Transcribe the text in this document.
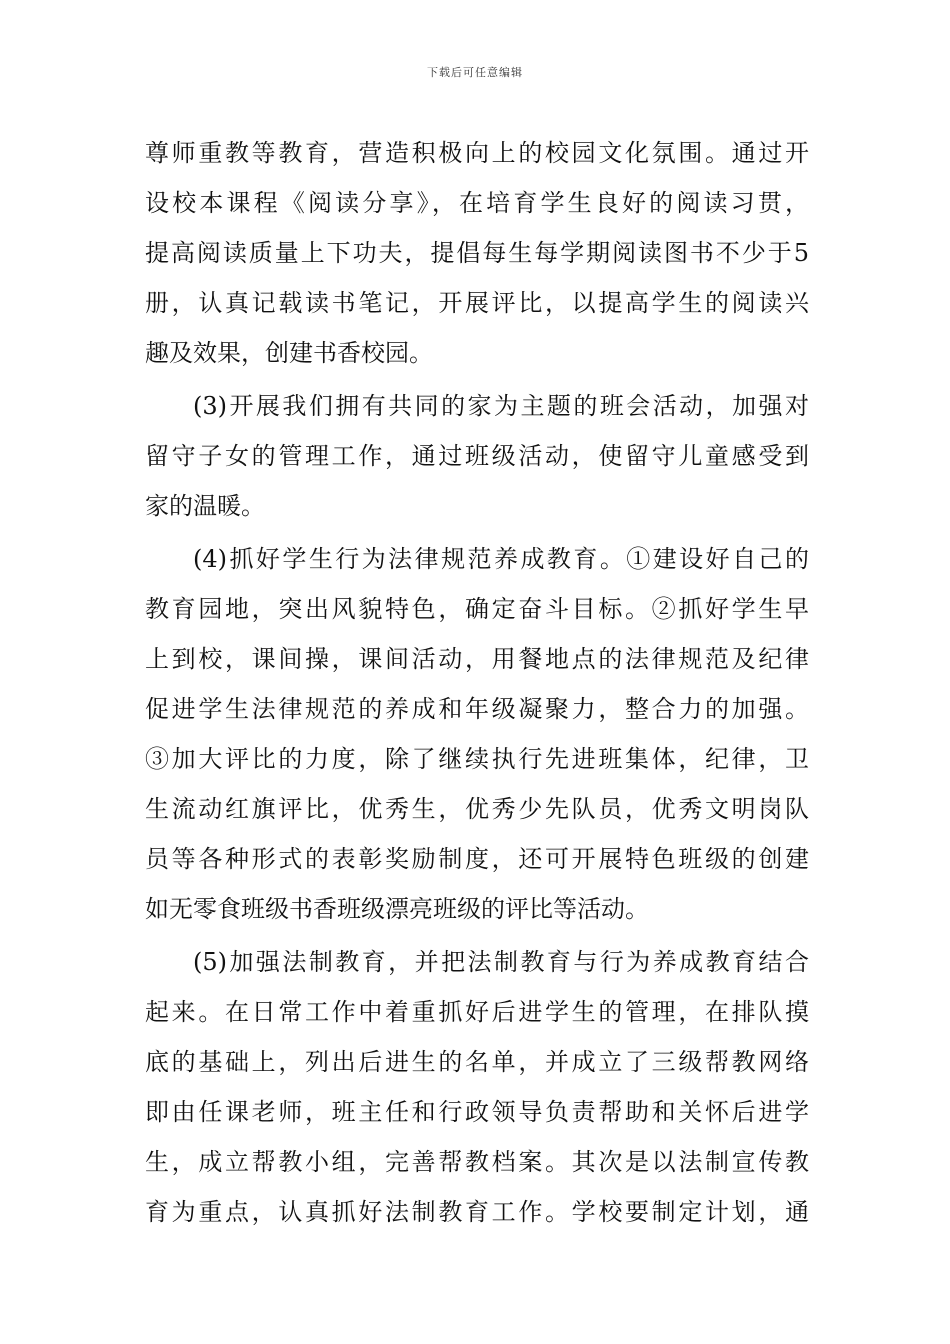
下载后可任意编辑
尊师重教等教育，营造积极向上的校园文化氛围。通过开
设校本课程《阅读分享》，在培育学生良好的阅读习贯，
提高阅读质量上下功夫，提倡每生每学期阅读图书不少于5
册，认真记载读书笔记，开展评比，以提高学生的阅读兴
趣及效果，创建书香校园。
(3)开展我们拥有共同的家为主题的班会活动，加强对
留守子女的管理工作，通过班级活动，使留守儿童感受到
家的温暖。
(4)抓好学生行为法律规范养成教育。①建设好自己的
教育园地，突出风貌特色，确定奋斗目标。②抓好学生早
上到校，课间操，课间活动，用餐地点的法律规范及纪律
促进学生法律规范的养成和年级凝聚力，整合力的加强。
③加大评比的力度，除了继续执行先进班集体，纪律，卫
生流动红旗评比，优秀生，优秀少先队员，优秀文明岗队
员等各种形式的表彰奖励制度，还可开展特色班级的创建
如无零食班级书香班级漂亮班级的评比等活动。
(5)加强法制教育，并把法制教育与行为养成教育结合
起来。在日常工作中着重抓好后进学生的管理，在排队摸
底的基础上，列出后进生的名单，并成立了三级帮教网络
即由任课老师，班主任和行政领导负责帮助和关怀后进学
生，成立帮教小组，完善帮教档案。其次是以法制宣传教
育为重点，认真抓好法制教育工作。学校要制定计划，通
